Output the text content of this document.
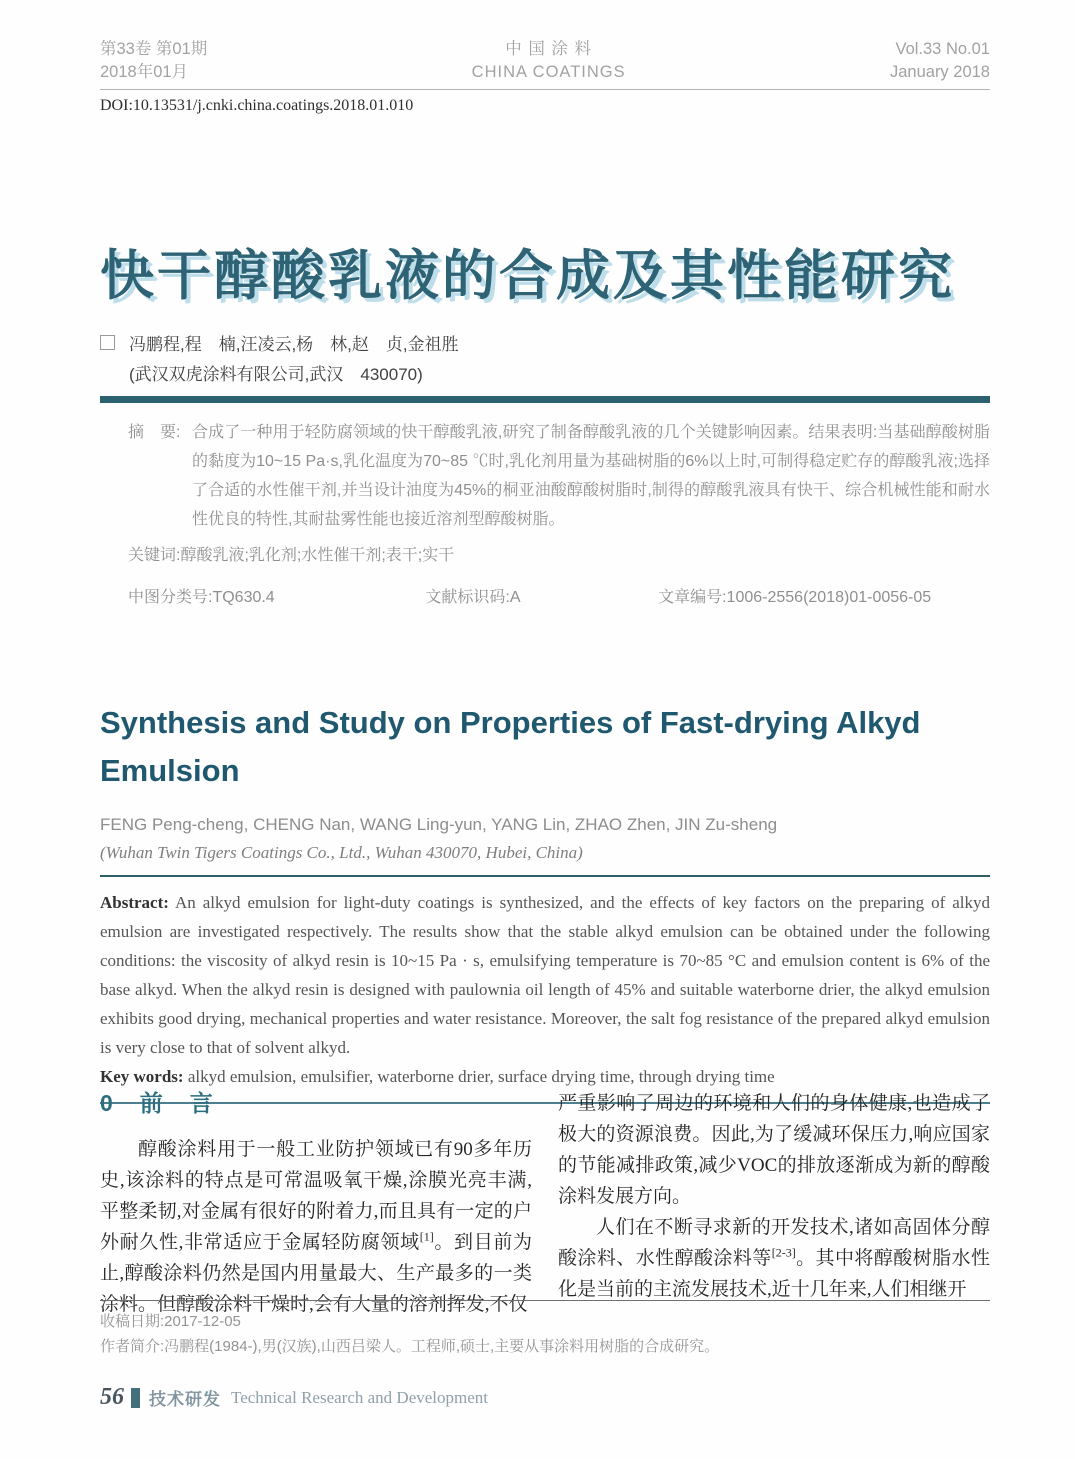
第33卷 第01期
2018年01月
中 国 涂 料
CHINA COATINGS
Vol.33 No.01
January 2018
DOI:10.13531/j.cnki.china.coatings.2018.01.010
快干醇酸乳液的合成及其性能研究
冯鹏程,程　楠,汪凌云,杨　林,赵　贞,金祖胜
(武汉双虎涂料有限公司,武汉　430070)
摘　要: 合成了一种用于轻防腐领域的快干醇酸乳液,研究了制备醇酸乳液的几个关键影响因素。结果表明:当基础醇酸树脂的黏度为10~15 Pa·s,乳化温度为70~85 ℃时,乳化剂用量为基础树脂的6%以上时,可制得稳定贮存的醇酸乳液;选择了合适的水性催干剂,并当设计油度为45%的桐亚油酸醇酸树脂时,制得的醇酸乳液具有快干、综合机械性能和耐水性优良的特性,其耐盐雾性能也接近溶剂型醇酸树脂。
关键词:醇酸乳液;乳化剂;水性催干剂;表干;实干
中图分类号:TQ630.4	文献标识码:A	文章编号:1006-2556(2018)01-0056-05
Synthesis and Study on Properties of Fast-drying Alkyd
Emulsion
FENG Peng-cheng, CHENG Nan, WANG Ling-yun, YANG Lin, ZHAO Zhen, JIN Zu-sheng
(Wuhan Twin Tigers Coatings Co., Ltd., Wuhan 430070, Hubei, China)
Abstract: An alkyd emulsion for light-duty coatings is synthesized, and the effects of key factors on the preparing of alkyd emulsion are investigated respectively. The results show that the stable alkyd emulsion can be obtained under the following conditions: the viscosity of alkyd resin is 10~15 Pa · s, emulsifying temperature is 70~85 °C and emulsion content is 6% of the base alkyd. When the alkyd resin is designed with paulownia oil length of 45% and suitable waterborne drier, the alkyd emulsion exhibits good drying, mechanical properties and water resistance. Moreover, the salt fog resistance of the prepared alkyd emulsion is very close to that of solvent alkyd.
Key words: alkyd emulsion, emulsifier, waterborne drier, surface drying time, through drying time
0　前　言

醇酸涂料用于一般工业防护领域已有90多年历史,该涂料的特点是可常温吸氧干燥,涂膜光亮丰满,平整柔韧,对金属有很好的附着力,而且具有一定的户外耐久性,非常适应于金属轻防腐领域[1]。到目前为止,醇酸涂料仍然是国内用量最大、生产最多的一类涂料。但醇酸涂料干燥时,会有大量的溶剂挥发,不仅

严重影响了周边的环境和人们的身体健康,也造成了极大的资源浪费。因此,为了缓减环保压力,响应国家的节能减排政策,减少VOC的排放逐渐成为新的醇酸涂料发展方向。

人们在不断寻求新的开发技术,诸如高固体分醇酸涂料、水性醇酸涂料等[2-3]。其中将醇酸树脂水性化是当前的主流发展技术,近十几年来,人们相继开

收稿日期:2017-12-05
作者简介:冯鹏程(1984-),男(汉族),山西吕梁人。工程师,硕士,主要从事涂料用树脂的合成研究。
56 技术研发 Technical Research and Development
